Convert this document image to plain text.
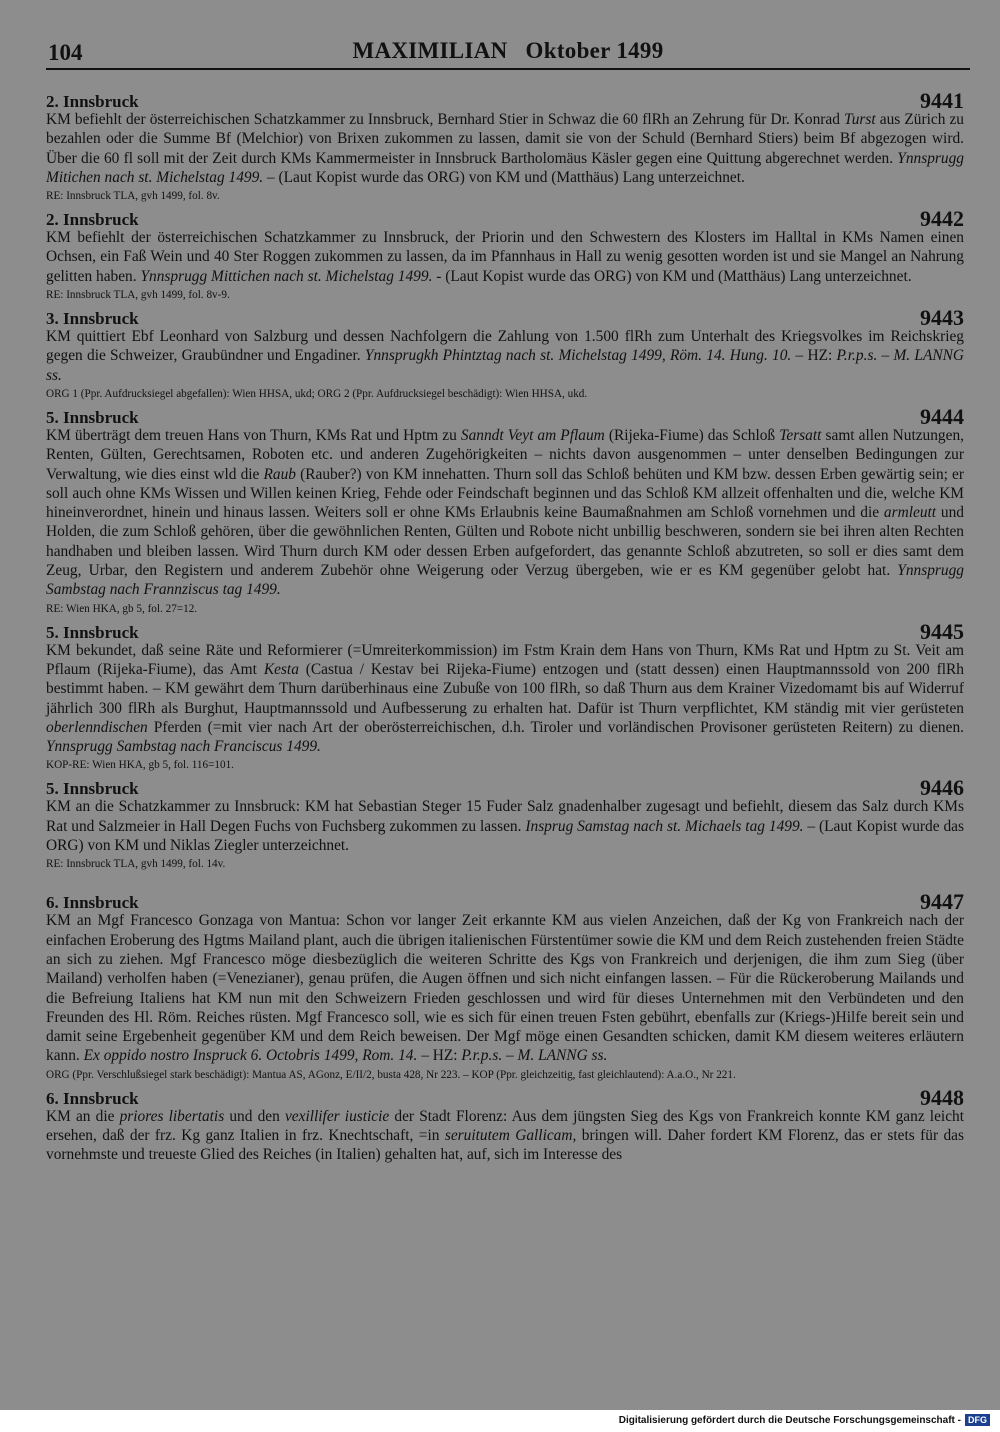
104	MAXIMILIAN Oktober 1499
2. Innsbruck	9441

KM befiehlt der österreichischen Schatzkammer zu Innsbruck, Bernhard Stier in Schwaz die 60 flRh an Zehrung für Dr. Konrad Turst aus Zürich zu bezahlen oder die Summe Bf (Melchior) von Brixen zukommen zu lassen, damit sie von der Schuld (Bernhard Stiers) beim Bf abgezogen wird. Über die 60 fl soll mit der Zeit durch KMs Kammermeister in Innsbruck Bartholomäus Käsler gegen eine Quittung abgerechnet werden. Ynnsprugg Mitichen nach st. Michelstag 1499. – (Laut Kopist wurde das ORG) von KM und (Matthäus) Lang unterzeichnet.

RE: Innsbruck TLA, gvh 1499, fol. 8v.

2. Innsbruck	9442

KM befiehlt der österreichischen Schatzkammer zu Innsbruck, der Priorin und den Schwestern des Klosters im Halltal in KMs Namen einen Ochsen, ein Faß Wein und 40 Ster Roggen zukommen zu lassen, da im Pfannhaus in Hall zu wenig gesotten worden ist und sie Mangel an Nahrung gelitten haben. Ynnsprugg Mittichen nach st. Michelstag 1499. - (Laut Kopist wurde das ORG) von KM und (Matthäus) Lang unterzeichnet.

RE: Innsbruck TLA, gvh 1499, fol. 8v-9.

3. Innsbruck	9443

KM quittiert Ebf Leonhard von Salzburg und dessen Nachfolgern die Zahlung von 1.500 flRh zum Unterhalt des Kriegsvolkes im Reichskrieg gegen die Schweizer, Graubündner und Engadiner. Ynnsprugkh Phintztag nach st. Michelstag 1499, Röm. 14. Hung. 10. – HZ: P.r.p.s. – M. LANNG ss.

ORG 1 (Ppr. Aufdrucksiegel abgefallen): Wien HHSA, ukd; ORG 2 (Ppr. Aufdrucksiegel beschädigt): Wien HHSA, ukd.

5. Innsbruck	9444

KM überträgt dem treuen Hans von Thurn, KMs Rat und Hptm zu Sanndt Veyt am Pflaum (Rijeka-Fiume) das Schloß Tersatt samt allen Nutzungen, Renten, Gülten, Gerechtsamen, Roboten etc. und anderen Zugehörigkeiten – nichts davon ausgenommen – unter denselben Bedingungen zur Verwaltung, wie dies einst wld die Raub (Rauber?) von KM innehatten. Thurn soll das Schloß behüten und KM bzw. dessen Erben gewärtig sein; er soll auch ohne KMs Wissen und Willen keinen Krieg, Fehde oder Feindschaft beginnen und das Schloß KM allzeit offenhalten und die, welche KM hineinverordnet, hinein und hinaus lassen. Weiters soll er ohne KMs Erlaubnis keine Baumaßnahmen am Schloß vornehmen und die armleutt und Holden, die zum Schloß gehören, über die gewöhnlichen Renten, Gülten und Robote nicht unbillig beschweren, sondern sie bei ihren alten Rechten handhaben und bleiben lassen. Wird Thurn durch KM oder dessen Erben aufgefordert, das genannte Schloß abzutreten, so soll er dies samt dem Zeug, Urbar, den Registern und anderem Zubehör ohne Weigerung oder Verzug übergeben, wie er es KM gegenüber gelobt hat. Ynnsprugg Sambstag nach Frannziscus tag 1499.

RE: Wien HKA, gb 5, fol. 27=12.

5. Innsbruck	9445

KM bekundet, daß seine Räte und Reformierer (=Umreiterkommission) im Fstm Krain dem Hans von Thurn, KMs Rat und Hptm zu St. Veit am Pflaum (Rijeka-Fiume), das Amt Kesta (Castua / Kestav bei Rijeka-Fiume) entzogen und (statt dessen) einen Hauptmannssold von 200 flRh bestimmt haben. – KM gewährt dem Thurn darüberhinaus eine Zubuße von 100 flRh, so daß Thurn aus dem Krainer Vizedomamt bis auf Widerruf jährlich 300 flRh als Burghut, Hauptmannssold und Aufbesserung zu erhalten hat. Dafür ist Thurn verpflichtet, KM ständig mit vier gerüsteten oberlenndischen Pferden (=mit vier nach Art der oberösterreichischen, d.h. Tiroler und vorländischen Provisoner gerüsteten Reitern) zu dienen. Ynnsprugg Sambstag nach Franciscus 1499.

KOP-RE: Wien HKA, gb 5, fol. 116=101.

5. Innsbruck	9446

KM an die Schatzkammer zu Innsbruck: KM hat Sebastian Steger 15 Fuder Salz gnadenhalber zugesagt und befiehlt, diesem das Salz durch KMs Rat und Salzmeier in Hall Degen Fuchs von Fuchsberg zukommen zu lassen. Insprug Samstag nach st. Michaels tag 1499. – (Laut Kopist wurde das ORG) von KM und Niklas Ziegler unterzeichnet.

RE: Innsbruck TLA, gvh 1499, fol. 14v.

6. Innsbruck	9447

KM an Mgf Francesco Gonzaga von Mantua: Schon vor langer Zeit erkannte KM aus vielen Anzeichen, daß der Kg von Frankreich nach der einfachen Eroberung des Hgtms Mailand plant, auch die übrigen italienischen Fürstentümer sowie die KM und dem Reich zustehenden freien Städte an sich zu ziehen. Mgf Francesco möge diesbezüglich die weiteren Schritte des Kgs von Frankreich und derjenigen, die ihm zum Sieg (über Mailand) verholfen haben (=Venezianer), genau prüfen, die Augen öffnen und sich nicht einfangen lassen. – Für die Rückeroberung Mailands und die Befreiung Italiens hat KM nun mit den Schweizern Frieden geschlossen und wird für dieses Unternehmen mit den Verbündeten und den Freunden des Hl. Röm. Reiches rüsten. Mgf Francesco soll, wie es sich für einen treuen Fsten gebührt, ebenfalls zur (Kriegs-)Hilfe bereit sein und damit seine Ergebenheit gegenüber KM und dem Reich beweisen. Der Mgf möge einen Gesandten schicken, damit KM diesem weiteres erläutern kann. Ex oppido nostro Inspruck 6. Octobris 1499, Rom. 14. – HZ: P.r.p.s. – M. LANNG ss.

ORG (Ppr. Verschlußsiegel stark beschädigt): Mantua AS, AGonz, E/II/2, busta 428, Nr 223. – KOP (Ppr. gleichzeitig, fast gleichlautend): A.a.O., Nr 221.

6. Innsbruck	9448

KM an die priores libertatis und den vexillifer iusticie der Stadt Florenz: Aus dem jüngsten Sieg des Kgs von Frankreich konnte KM ganz leicht ersehen, daß der frz. Kg ganz Italien in frz. Knechtschaft, =in seruitutem Gallicam, bringen will. Daher fordert KM Florenz, das er stets für das vornehmste und treueste Glied des Reiches (in Italien) gehalten hat, auf, sich im Interesse des

Digitalisierung gefördert durch die Deutsche Forschungsgemeinschaft - DFG
